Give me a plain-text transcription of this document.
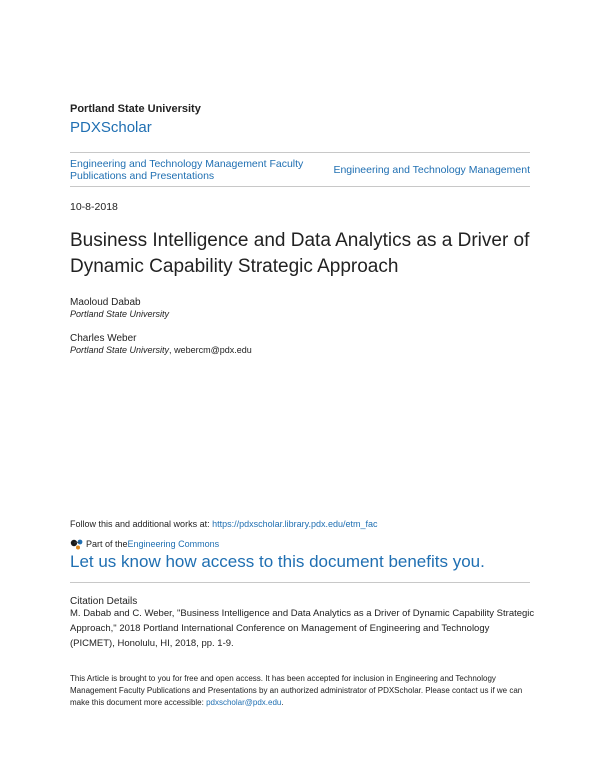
Portland State University
PDXScholar
Engineering and Technology Management Faculty Publications and Presentations	Engineering and Technology Management
10-8-2018
Business Intelligence and Data Analytics as a Driver of Dynamic Capability Strategic Approach
Maoloud Dabab
Portland State University
Charles Weber
Portland State University, webercm@pdx.edu
Follow this and additional works at: https://pdxscholar.library.pdx.edu/etm_fac
Part of the Engineering Commons
Let us know how access to this document benefits you.
Citation Details
M. Dabab and C. Weber, "Business Intelligence and Data Analytics as a Driver of Dynamic Capability Strategic Approach," 2018 Portland International Conference on Management of Engineering and Technology (PICMET), Honolulu, HI, 2018, pp. 1-9.
This Article is brought to you for free and open access. It has been accepted for inclusion in Engineering and Technology Management Faculty Publications and Presentations by an authorized administrator of PDXScholar. Please contact us if we can make this document more accessible: pdxscholar@pdx.edu.
